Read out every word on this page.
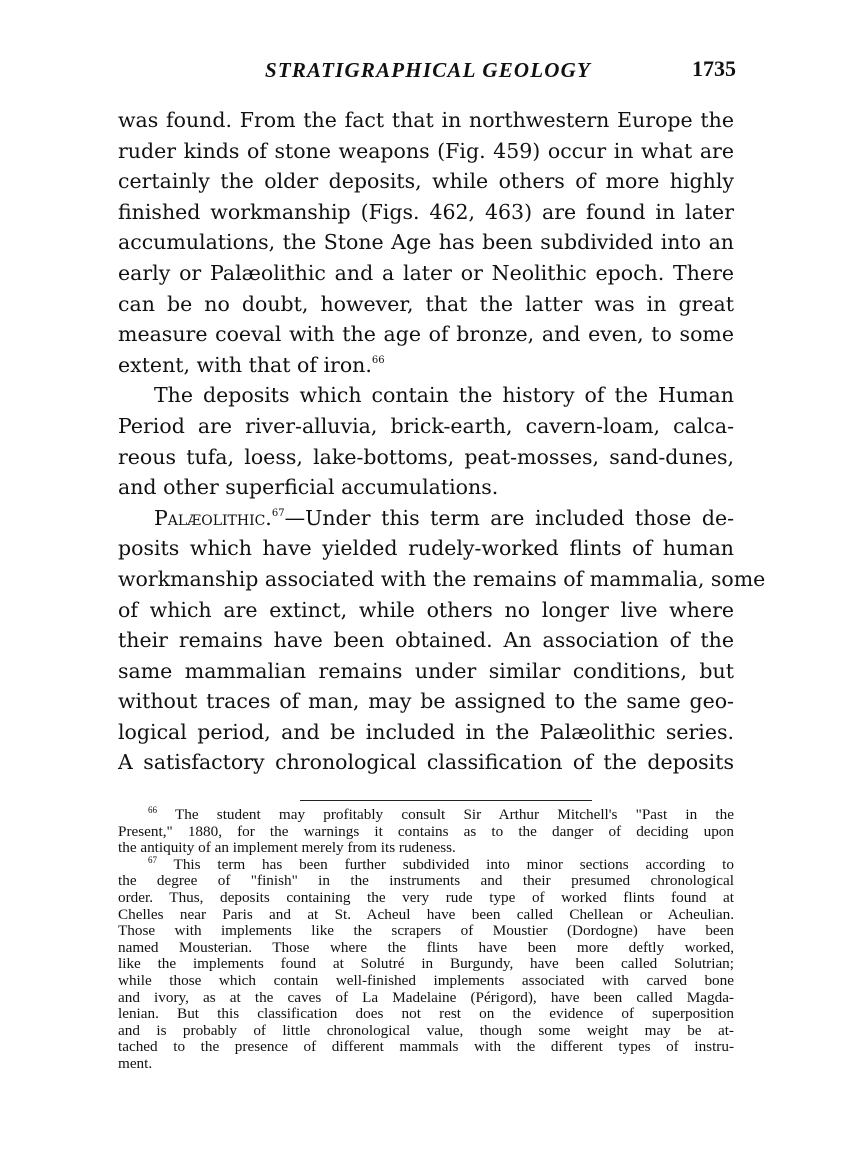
STRATIGRAPHICAL GEOLOGY	1735
was found. From the fact that in northwestern Europe the
ruder kinds of stone weapons (Fig. 459) occur in what are
certainly the older deposits, while others of more highly
finished workmanship (Figs. 462, 463) are found in later
accumulations, the Stone Age has been subdivided into an
early or Palæolithic and a later or Neolithic epoch. There
can be no doubt, however, that the latter was in great
measure coeval with the age of bronze, and even, to some
extent, with that of iron.$^{66}$
The deposits which contain the history of the Human
Period are river-alluvia, brick-earth, cavern-loam, calca-
reous tufa, loess, lake-bottoms, peat-mosses, sand-dunes,
and other superficial accumulations.
Palæolithic.$^{67}$—Under this term are included those de-
posits which have yielded rudely-worked flints of human
workmanship associated with the remains of mammalia, some
of which are extinct, while others no longer live where
their remains have been obtained. An association of the
same mammalian remains under similar conditions, but
without traces of man, may be assigned to the same geo-
logical period, and be included in the Palæolithic series.
A satisfactory chronological classification of the deposits
$^{66}$ The student may profitably consult Sir Arthur Mitchell's "Past in the
Present," 1880, for the warnings it contains as to the danger of deciding upon
the antiquity of an implement merely from its rudeness.
$^{67}$ This term has been further subdivided into minor sections according to
the degree of "finish" in the instruments and their presumed chronological
order. Thus, deposits containing the very rude type of worked flints found at
Chelles near Paris and at St. Acheul have been called Chellean or Acheulian.
Those with implements like the scrapers of Moustier (Dordogne) have been
named Mousterian. Those where the flints have been more deftly worked,
like the implements found at Solutré in Burgundy, have been called Solutrian;
while those which contain well-finished implements associated with carved bone
and ivory, as at the caves of La Madelaine (Périgord), have been called Magda-
lenian. But this classification does not rest on the evidence of superposition
and is probably of little chronological value, though some weight may be at-
tached to the presence of different mammals with the different types of instru-
ment.
